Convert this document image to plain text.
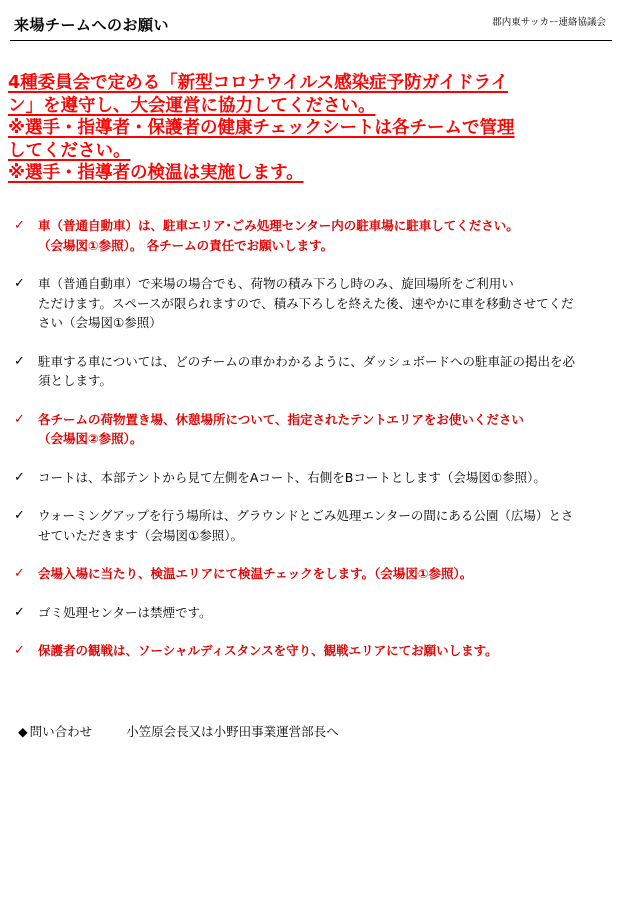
来場チームへのお願い	郡内東サッカー連絡協議会
4種委員会で定める「新型コロナウイルス感染症予防ガイドライ
ン」を遵守し、大会運営に協力してください。
※選手・指導者・保護者の健康チェックシートは各チームで管理
してください。
※選手・指導者の検温は実施します。
✓ 車（普通自動車）は、駐車エリア･ごみ処理センター内の駐車場に駐車してください。
（会場図①参照）。 各チームの責任でお願いします。
✓ 車（普通自動車）で来場の場合でも、荷物の積み下ろし時のみ、旋回場所をご利用い
ただけます。スペースが限られますので、積み下ろしを終えた後、速やかに車を移動させてくだ
さい（会場図①参照）
✓ 駐車する車については、どのチームの車かわかるように、ダッシュボードへの駐車証の掲出を必
須とします。
✓ 各チームの荷物置き場、休憩場所について、指定されたテントエリアをお使いください
（会場図②参照）。
✓ コートは、本部テントから見て左側をAコート、右側をBコートとします（会場図①参照）。
✓ ウォーミングアップを行う場所は、グラウンドとごみ処理エンターの間にある公園（広場）とさ
せていただきます（会場図①参照）。
✓ 会場入場に当たり、検温エリアにて検温チェックをします。（会場図①参照）。
✓ ゴミ処理センターは禁煙です。
✓ 保護者の観戦は、ソーシャルディスタンスを守り、観戦エリアにてお願いします。
◆ 問い合わせ	小笠原会長又は小野田事業運営部長へ
